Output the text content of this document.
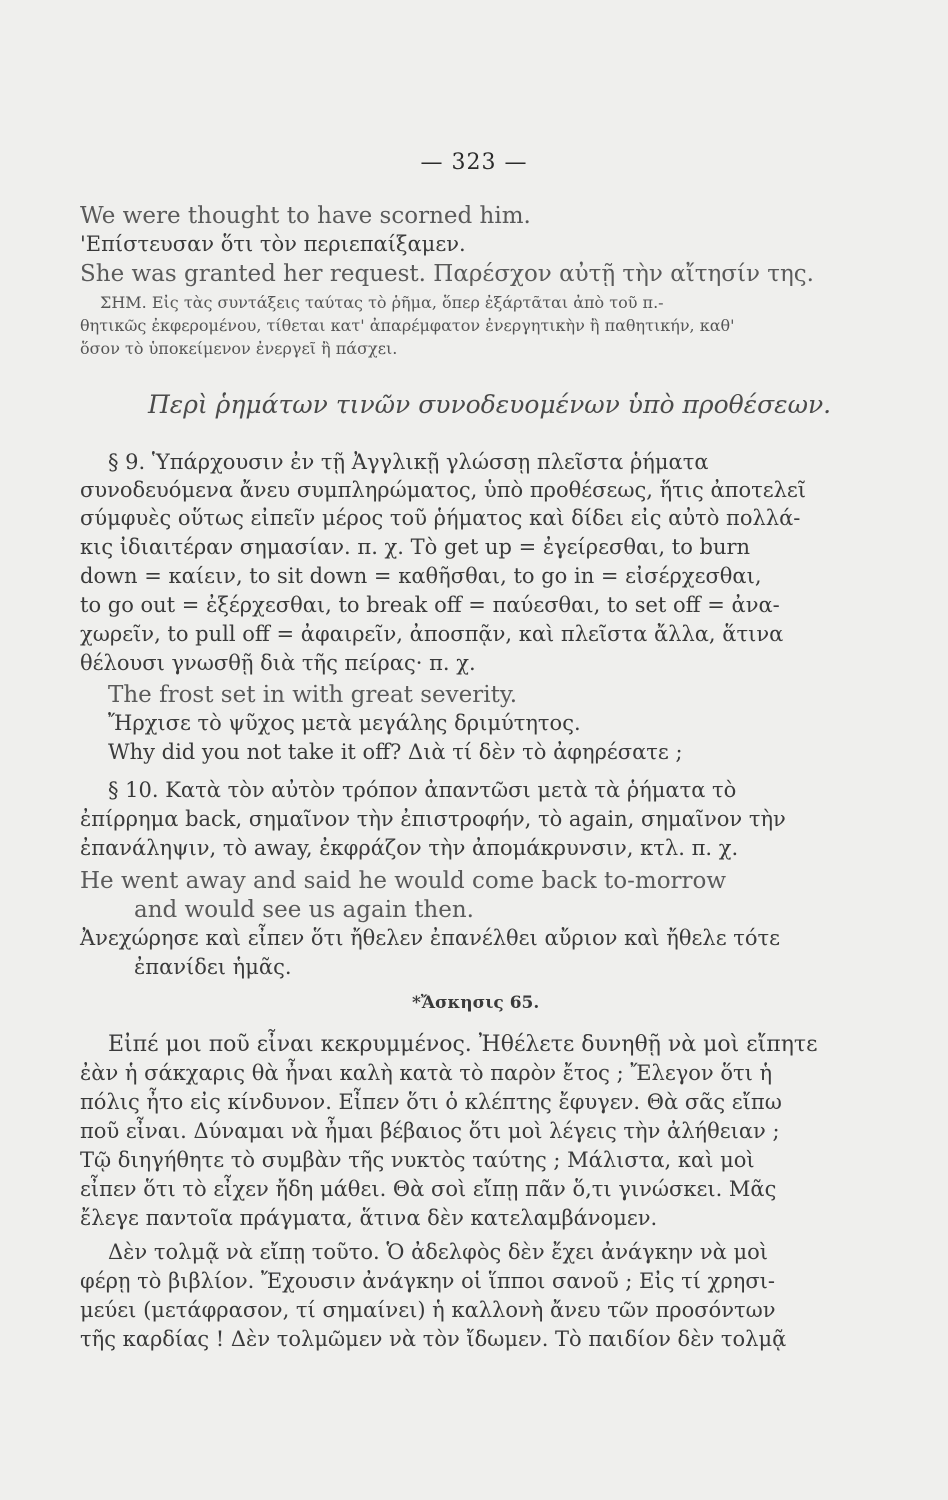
— 323 —
We were thought to have scorned him.
'Επίστευσαν ὅτι τὸν περιεπαίξαμεν.
She was granted her request. Παρέσχον αὐτῇ τὴν αἴτησίν της.
ΣΗΜ. Εἰς τὰς συντάξεις ταύτας τὸ ῥῆμα, ὅπερ ἐξάρτᾶται ἀπὸ τοῦ π.-
θητικῶς ἐκφερομένου, τίθεται κατ' ἀπαρέμφατον ἐνεργητικὴν ἢ παθητικήν, καθ'
ὅσον τὸ ὑποκείμενον ἐνεργεῖ ἢ πάσχει.
Περὶ ῥημάτων τινῶν συνοδευομένων ὑπὸ προθέσεων.
§ 9. Ὑπάρχουσιν ἐν τῇ Ἀγγλικῇ γλώσσῃ πλεῖστα ῥήματα
συνοδευόμενα ἄνευ συμπληρώματος, ὑπὸ προθέσεως, ἥτις ἀποτελεῖ
σύμφυὲς οὕτως εἰπεῖν μέρος τοῦ ῥήματος καὶ δίδει εἰς αὐτὸ πολλά-
κις ἰδιαιτέραν σημασίαν. π. χ. Τὸ get up = ἐγείρεσθαι, to burn
down = καίειν, to sit down = καθῆσθαι, to go in = εἰσέρχεσθαι,
to go out = ἐξέρχεσθαι, to break off = παύεσθαι, to set off = ἀνα-
χωρεῖν, to pull off = ἀφαιρεῖν, ἀποσπᾷν, καὶ πλεῖστα ἄλλα, ἅτινα
θέλουσι γνωσθῇ διὰ τῆς πείρας· π. χ.
The frost set in with great severity.
Ἤρχισε τὸ ψῦχος μετὰ μεγάλης δριμύτητος.
Why did you not take it off? Διὰ τί δὲν τὸ ἀφηρέσατε ;
§ 10. Κατὰ τὸν αὐτὸν τρόπον ἀπαντῶσι μετὰ τὰ ῥήματα τὸ
ἐπίρρημα back, σημαῖνον τὴν ἐπιστροφήν, τὸ again, σημαῖνον τὴν
ἐπανάληψιν, τὸ away, ἐκφράζον τὴν ἀπομάκρυνσιν, κτλ. π. χ.
He went away and said he would come back to-morrow
and would see us again then.
Ἀνεχώρησε καὶ εἶπεν ὅτι ἤθελεν ἐπανέλθει αὔριον καὶ ἤθελε τότε
ἐπανίδει ἡμᾶς.
*Ἄσκησις 65.
Εἰπέ μοι ποῦ εἶναι κεκρυμμένος. Ἠθέλετε δυνηθῇ νὰ μοὶ εἴπητε
ἐὰν ἡ σάκχαρις θὰ ἦναι καλὴ κατὰ τὸ παρὸν ἔτος ; Ἔλεγον ὅτι ἡ
πόλις ἦτο εἰς κίνδυνον. Εἶπεν ὅτι ὁ κλέπτης ἔφυγεν. Θὰ σᾶς εἴπω
ποῦ εἶναι. Δύναμαι νὰ ἦμαι βέβαιος ὅτι μοὶ λέγεις τὴν ἀλήθειαν ;
Τῷ διηγήθητε τὸ συμβὰν τῆς νυκτὸς ταύτης ; Μάλιστα, καὶ μοὶ
εἶπεν ὅτι τὸ εἶχεν ἤδη μάθει. Θὰ σοὶ εἴπῃ πᾶν ὅ,τι γινώσκει. Μᾶς
ἔλεγε παντοῖα πράγματα, ἅτινα δὲν κατελαμβάνομεν.
Δὲν τολμᾷ νὰ εἴπῃ τοῦτο. Ὁ ἀδελφὸς δὲν ἔχει ἀνάγκην νὰ μοὶ
φέρῃ τὸ βιβλίον. Ἔχουσιν ἀνάγκην οἱ ἵπποι σανοῦ ; Εἰς τί χρησι-
μεύει (μετάφρασον, τί σημαίνει) ἡ καλλονὴ ἄνευ τῶν προσόντων
τῆς καρδίας ! Δὲν τολμῶμεν νὰ τὸν ἴδωμεν. Τὸ παιδίον δὲν τολμᾷ
